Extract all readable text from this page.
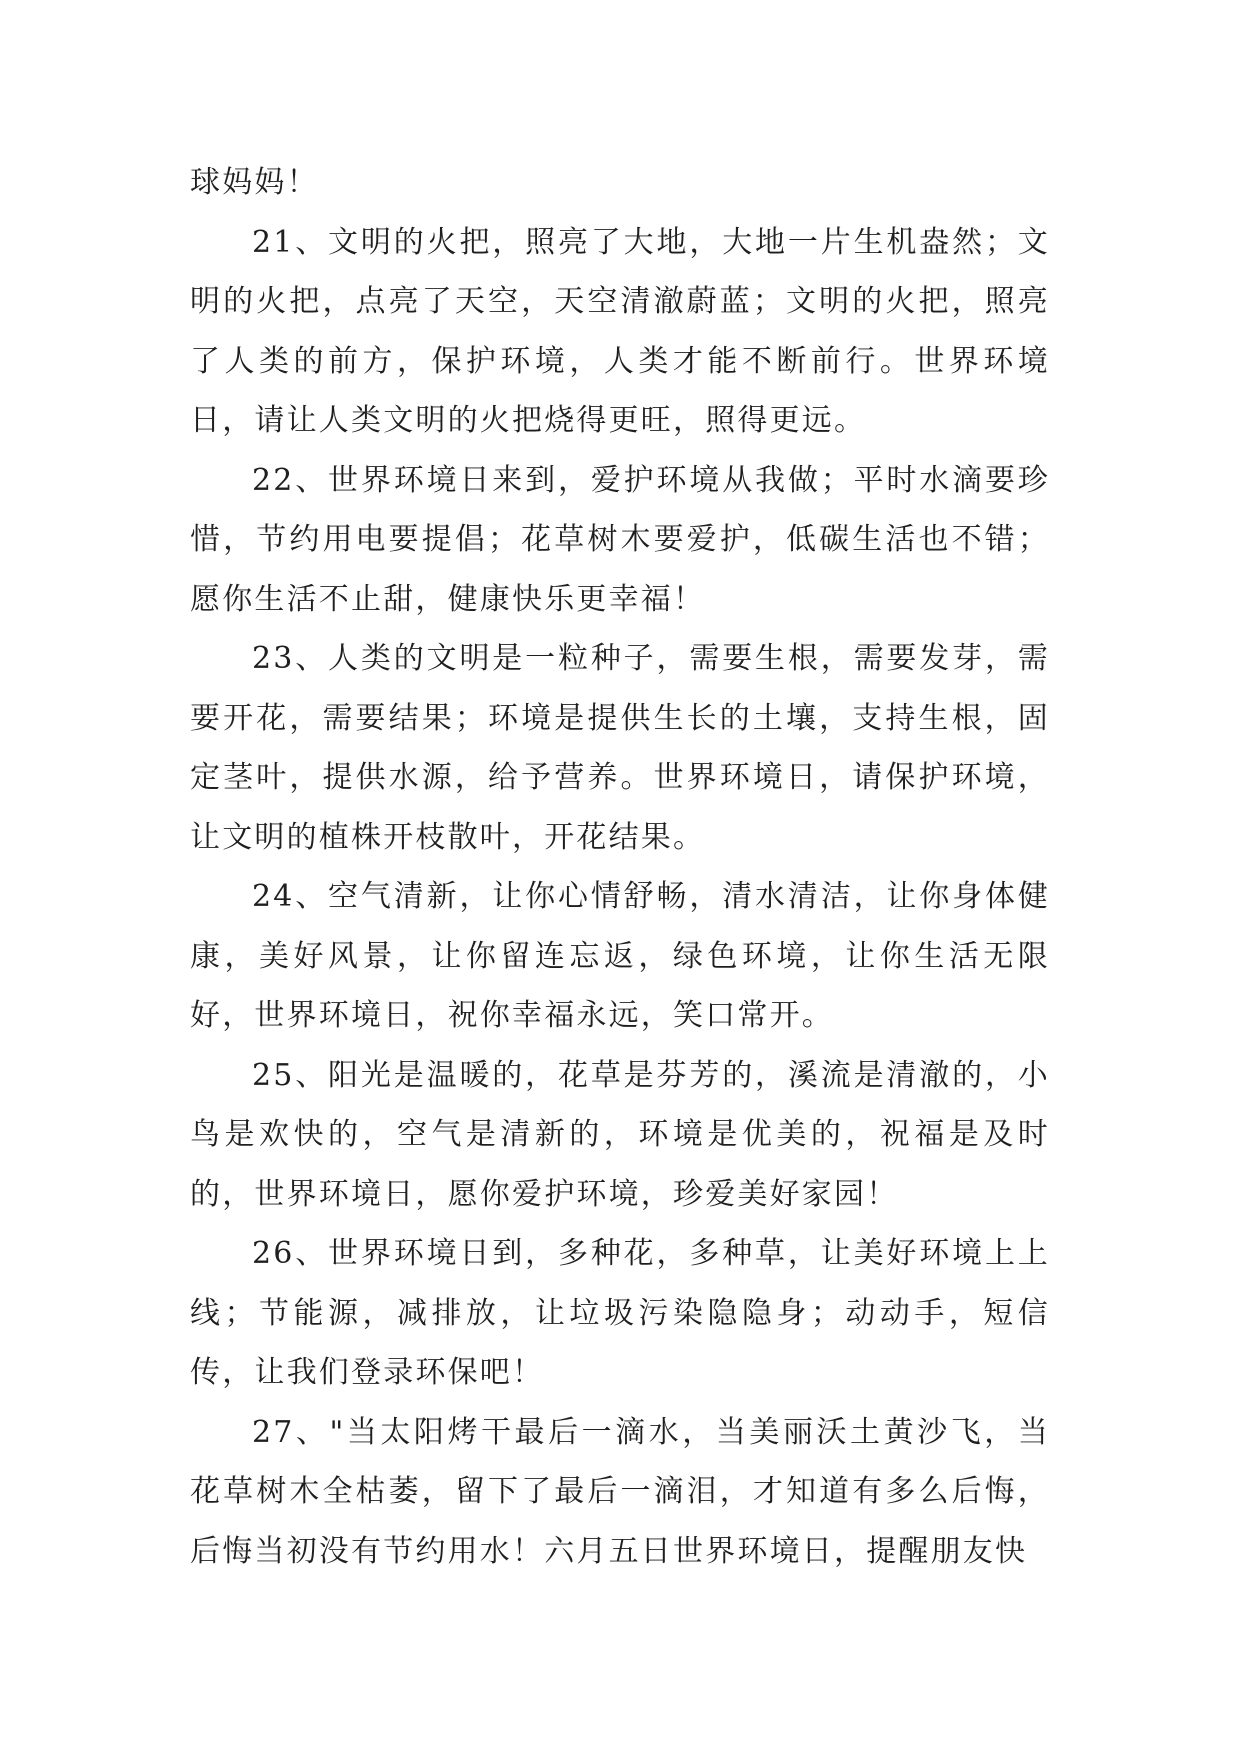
球妈妈！

21、文明的火把，照亮了大地，大地一片生机盎然；文明的火把，点亮了天空，天空清澈蔚蓝；文明的火把，照亮了人类的前方，保护环境，人类才能不断前行。世界环境日，请让人类文明的火把烧得更旺，照得更远。

22、世界环境日来到，爱护环境从我做；平时水滴要珍惜，节约用电要提倡；花草树木要爱护，低碳生活也不错；愿你生活不止甜，健康快乐更幸福！

23、人类的文明是一粒种子，需要生根，需要发芽，需要开花，需要结果；环境是提供生长的土壤，支持生根，固定茎叶，提供水源，给予营养。世界环境日，请保护环境，让文明的植株开枝散叶，开花结果。

24、空气清新，让你心情舒畅，清水清洁，让你身体健康，美好风景，让你留连忘返，绿色环境，让你生活无限好，世界环境日，祝你幸福永远，笑口常开。

25、阳光是温暖的，花草是芬芳的，溪流是清澈的，小鸟是欢快的，空气是清新的，环境是优美的，祝福是及时的，世界环境日，愿你爱护环境，珍爱美好家园！

26、世界环境日到，多种花，多种草，让美好环境上上线；节能源，减排放，让垃圾污染隐隐身；动动手，短信传，让我们登录环保吧！

27、"当太阳烤干最后一滴水，当美丽沃土黄沙飞，当花草树木全枯萎，留下了最后一滴泪，才知道有多么后悔，后悔当初没有节约用水！六月五日世界环境日，提醒朋友快
